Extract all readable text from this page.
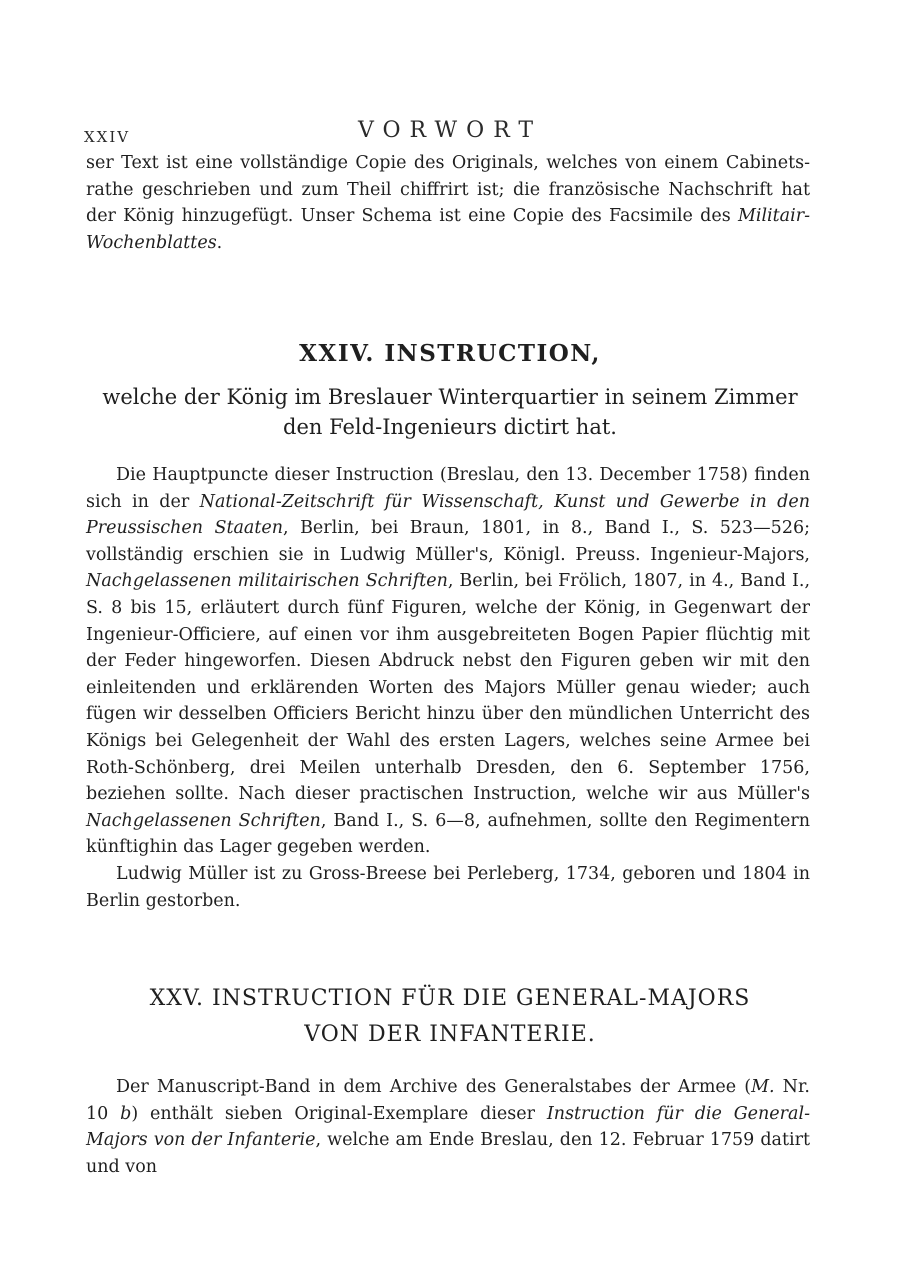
XXIV	VORWORT

ser Text ist eine vollständige Copie des Originals, welches von einem Cabinets-rathe geschrieben und zum Theil chiffrirt ist; die französische Nachschrift hat der König hinzugefügt. Unser Schema ist eine Copie des Facsimile des Militair-Wochenblattes.

XXIV. INSTRUCTION,
welche der König im Breslauer Winterquartier in seinem Zimmer
den Feld-Ingenieurs dictirt hat.

Die Hauptpuncte dieser Instruction (Breslau, den 13. December 1758) finden sich in der National-Zeitschrift für Wissenschaft, Kunst und Gewerbe in den Preussischen Staaten, Berlin, bei Braun, 1801, in 8., Band I., S. 523—526; vollständig erschien sie in Ludwig Müller's, Königl. Preuss. Ingenieur-Majors, Nachgelassenen militairischen Schriften, Berlin, bei Frölich, 1807, in 4., Band I., S. 8 bis 15, erläutert durch fünf Figuren, welche der König, in Gegenwart der Ingenieur-Officiere, auf einen vor ihm ausgebreiteten Bogen Papier flüchtig mit der Feder hingeworfen. Diesen Abdruck nebst den Figuren geben wir mit den einleitenden und erklärenden Worten des Majors Müller genau wieder; auch fügen wir desselben Officiers Bericht hinzu über den mündlichen Unterricht des Königs bei Gelegenheit der Wahl des ersten Lagers, welches seine Armee bei Roth-Schönberg, drei Meilen unterhalb Dresden, den 6. September 1756, beziehen sollte. Nach dieser practischen Instruction, welche wir aus Müller's Nachgelassenen Schriften, Band I., S. 6—8, aufnehmen, sollte den Regimentern künftighin das Lager gegeben werden.

Ludwig Müller ist zu Gross-Breese bei Perleberg, 1734, geboren und 1804 in Berlin gestorben.

XXV. INSTRUCTION FÜR DIE GENERAL-MAJORS
VON DER INFANTERIE.

Der Manuscript-Band in dem Archive des Generalstabes der Armee (M. Nr. 10 b) enthält sieben Original-Exemplare dieser Instruction für die General-Majors von der Infanterie, welche am Ende Breslau, den 12. Februar 1759 datirt und von
